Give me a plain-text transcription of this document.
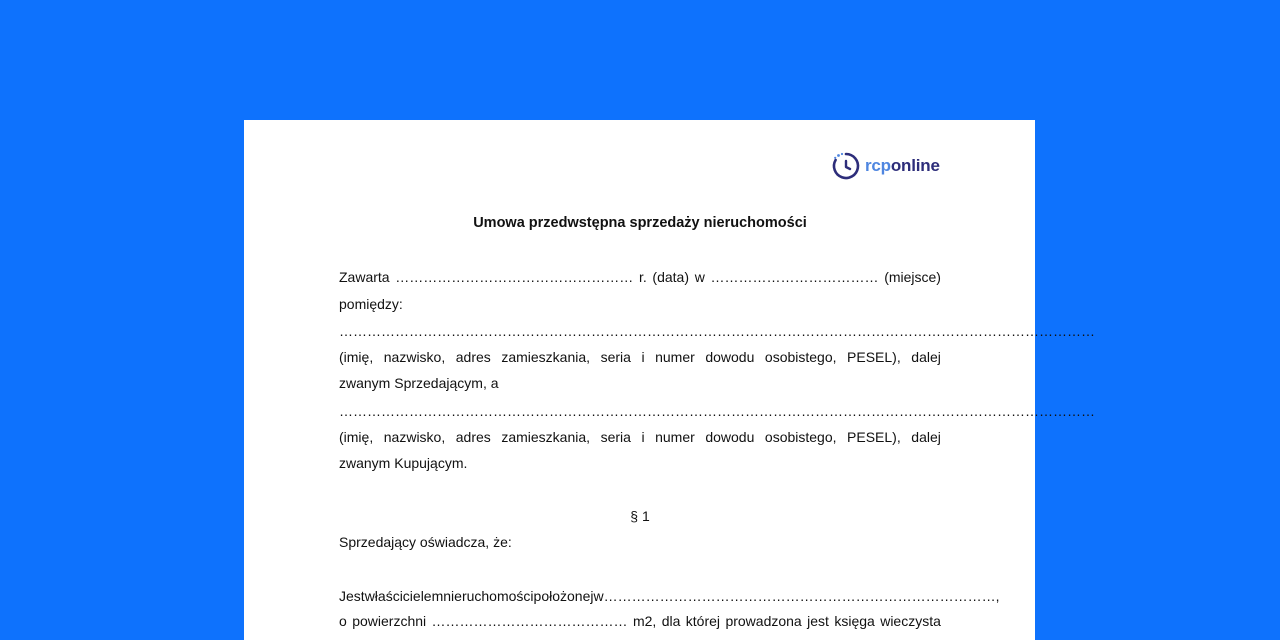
rcponline
Umowa przedwstępna sprzedaży nieruchomości
Zawarta …………………………………………… r. (data) w ……………………………… (miejsce)
pomiędzy:
………………………………………………………………………………………………………………………………………………
(imię, nazwisko, adres zamieszkania, seria i numer dowodu osobistego, PESEL), dalej
zwanym Sprzedającym, a
………………………………………………………………………………………………………………………………………………
(imię, nazwisko, adres zamieszkania, seria i numer dowodu osobistego, PESEL), dalej
zwanym Kupującym.
§ 1
Sprzedający oświadcza, że:
Jest właścicielem nieruchomości położonej w …………………………………………………………………………,
o powierzchni …………………………………… m2, dla której prowadzona jest księga wieczysta
